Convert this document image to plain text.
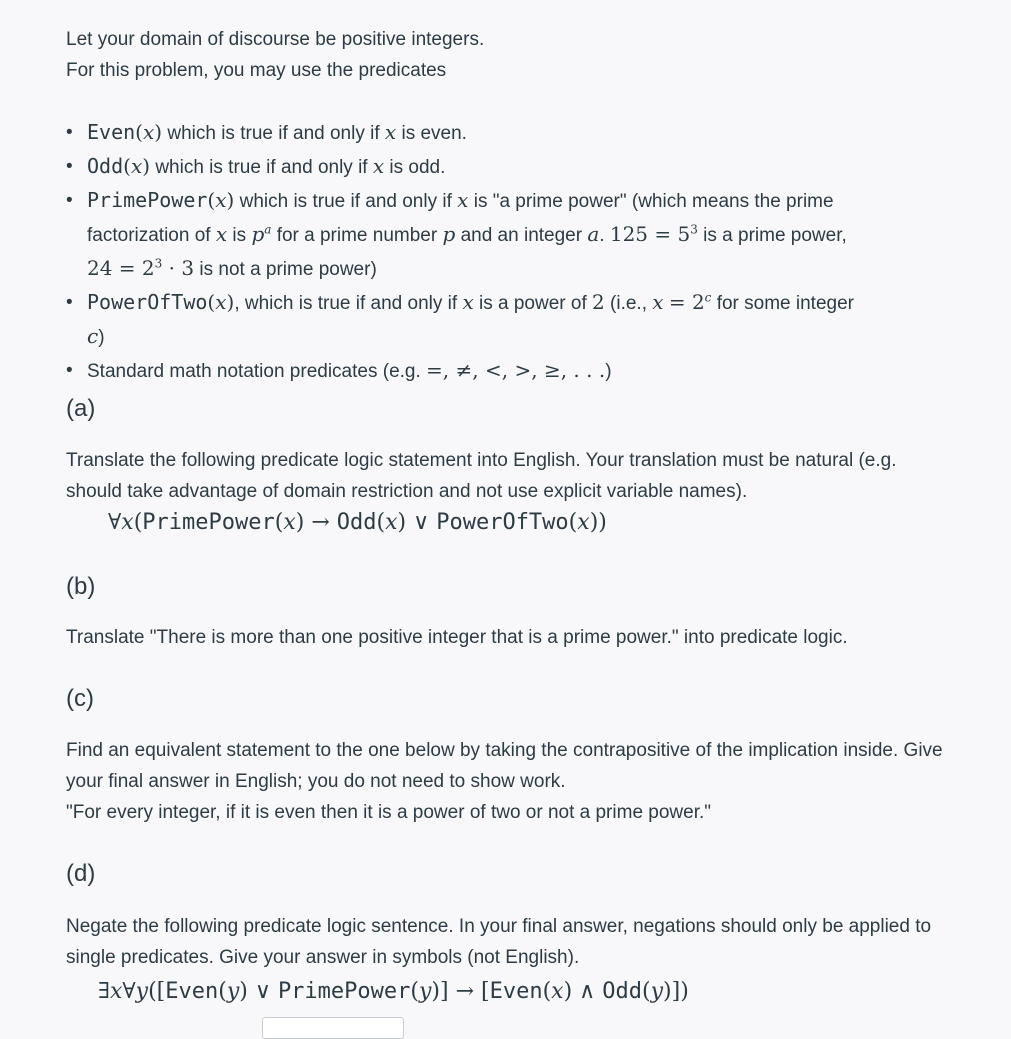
Let your domain of discourse be positive integers.

For this problem, you may use the predicates

• Even(x) which is true if and only if x is even.
• Odd(x) which is true if and only if x is odd.
• PrimePower(x) which is true if and only if x is "a prime power" (which means the prime
factorization of x is $p^a$ for a prime number p and an integer a. $125 = 5^3$ is a prime power,
$24 = 2^3 \cdot 3$ is not a prime power)
• PowerOfTwo(x), which is true if and only if x is a power of 2 (i.e., $x = 2^c$ for some integer
c)
• Standard math notation predicates (e.g. =, ≠, <, >, ≥, . . .)
(a)

Translate the following predicate logic statement into English. Your translation must be natural (e.g. should take advantage of domain restriction and not use explicit variable names).

∀x(PrimePower(x) → Odd(x) ∨ PowerOfTwo(x))
(b)

Translate "There is more than one positive integer that is a prime power." into predicate logic.

(c)

Find an equivalent statement to the one below by taking the contrapositive of the implication inside. Give your final answer in English; you do not need to show work.

"For every integer, if it is even then it is a power of two or not a prime power."

(d)

Negate the following predicate logic sentence. In your final answer, negations should only be applied to single predicates. Give your answer in symbols (not English).

∃x∀y([Even(y) ∨ PrimePower(y)] → [Even(x) ∧ Odd(y)])
